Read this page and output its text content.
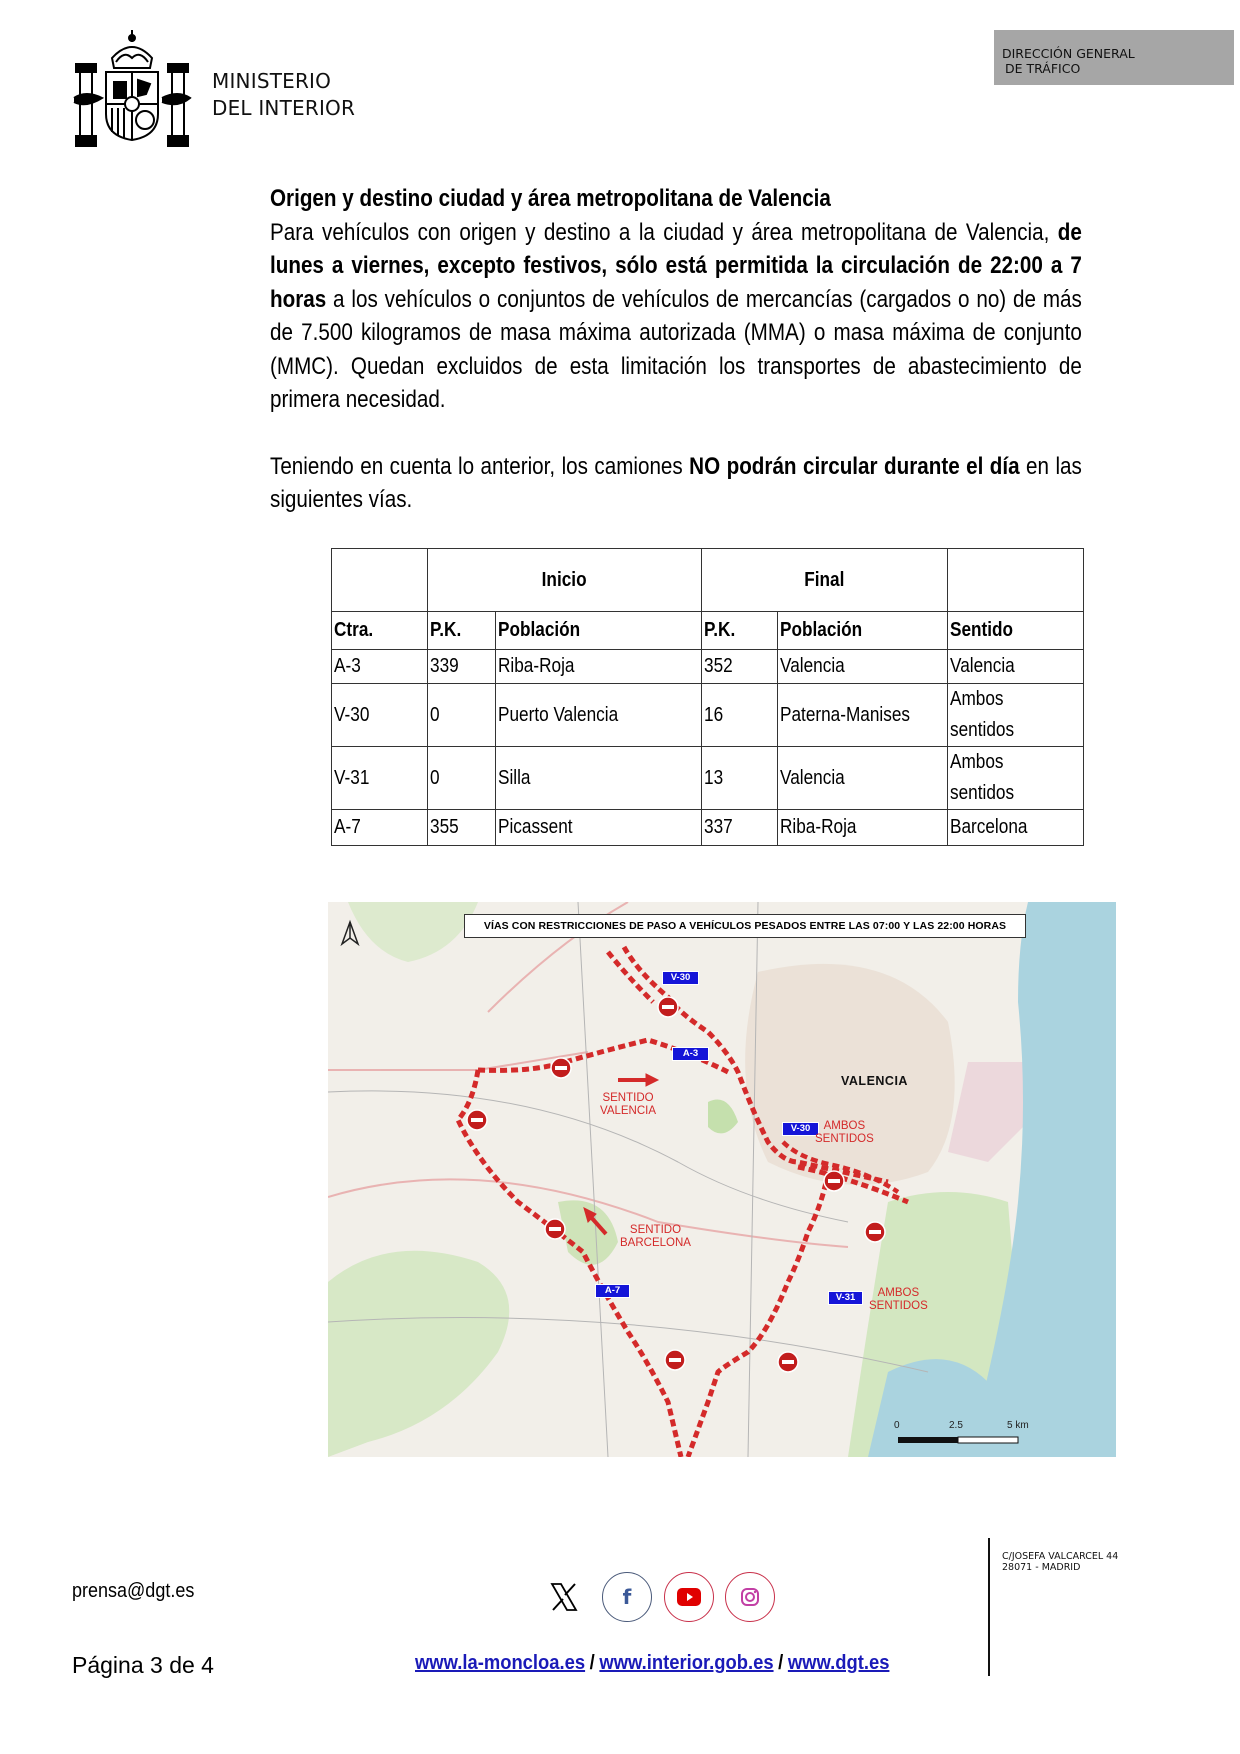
MINISTERIO
DEL INTERIOR
DIRECCIÓN GENERAL
DE TRÁFICO
Origen y destino ciudad y área metropolitana de Valencia

Para vehículos con origen y destino a la ciudad y área metropolitana de Valencia, de lunes a viernes, excepto festivos, sólo está permitida la circulación de 22:00 a 7 horas a los vehículos o conjuntos de vehículos de mercancías (cargados o no) de más de 7.500 kilogramos de masa máxima autorizada (MMA) o masa máxima de conjunto (MMC). Quedan excluidos de esta limitación los transportes de abastecimiento de primera necesidad.

Teniendo en cuenta lo anterior, los camiones NO podrán circular durante el día en las siguientes vías.

	Inicio		Final		
Ctra.	P.K.	Población	P.K.	Población	Sentido
A-3	339	Riba-Roja	352	Valencia	Valencia
V-30	0	Puerto Valencia	16	Paterna-Manises	Ambos sentidos
V-31	0	Silla	13	Valencia	Ambos sentidos
A-7	355	Picassent	337	Riba-Roja	Barcelona
VÍAS CON RESTRICCIONES DE PASO A VEHÍCULOS PESADOS ENTRE LAS 07:00 Y LAS 22:00 HORAS
V-30
A-3
V-30
A-7
V-31
VALENCIA
SENTIDO
VALENCIA
AMBOS
SENTIDOS
SENTIDO
BARCELONA
AMBOS
SENTIDOS
0	2.5	5 km
prensa@dgt.es
Página 3 de 4
f
www.la-moncloa.es / www.interior.gob.es / www.dgt.es
C/JOSEFA VALCARCEL 44
28071 - MADRID
